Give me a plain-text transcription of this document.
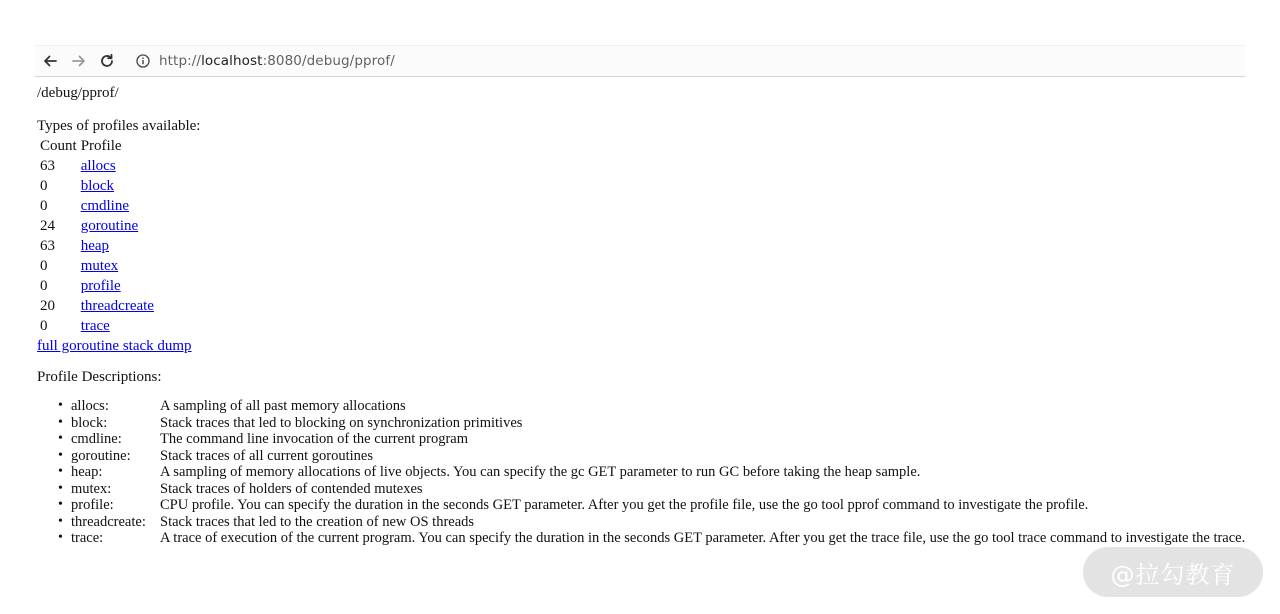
http://localhost:8080/debug/pprof/

/debug/pprof/

Types of profiles available:

Count	Profile
63	allocs
0	block
0	cmdline
24	goroutine
63	heap
0	mutex
0	profile
20	threadcreate
0	trace
full goroutine stack dump

Profile Descriptions:

• allocs:	A sampling of all past memory allocations
• block:	Stack traces that led to blocking on synchronization primitives
• cmdline:	The command line invocation of the current program
• goroutine: Stack traces of all current goroutines
• heap:	A sampling of memory allocations of live objects. You can specify the gc GET parameter to run GC before taking the heap sample.
• mutex:	Stack traces of holders of contended mutexes
• profile:	CPU profile. You can specify the duration in the seconds GET parameter. After you get the profile file, use the go tool pprof command to investigate the profile.
• threadcreate: Stack traces that led to the creation of new OS threads
• trace:	A trace of execution of the current program. You can specify the duration in the seconds GET parameter. After you get the trace file, use the go tool trace command to investigate the trace.
@拉勾教育
